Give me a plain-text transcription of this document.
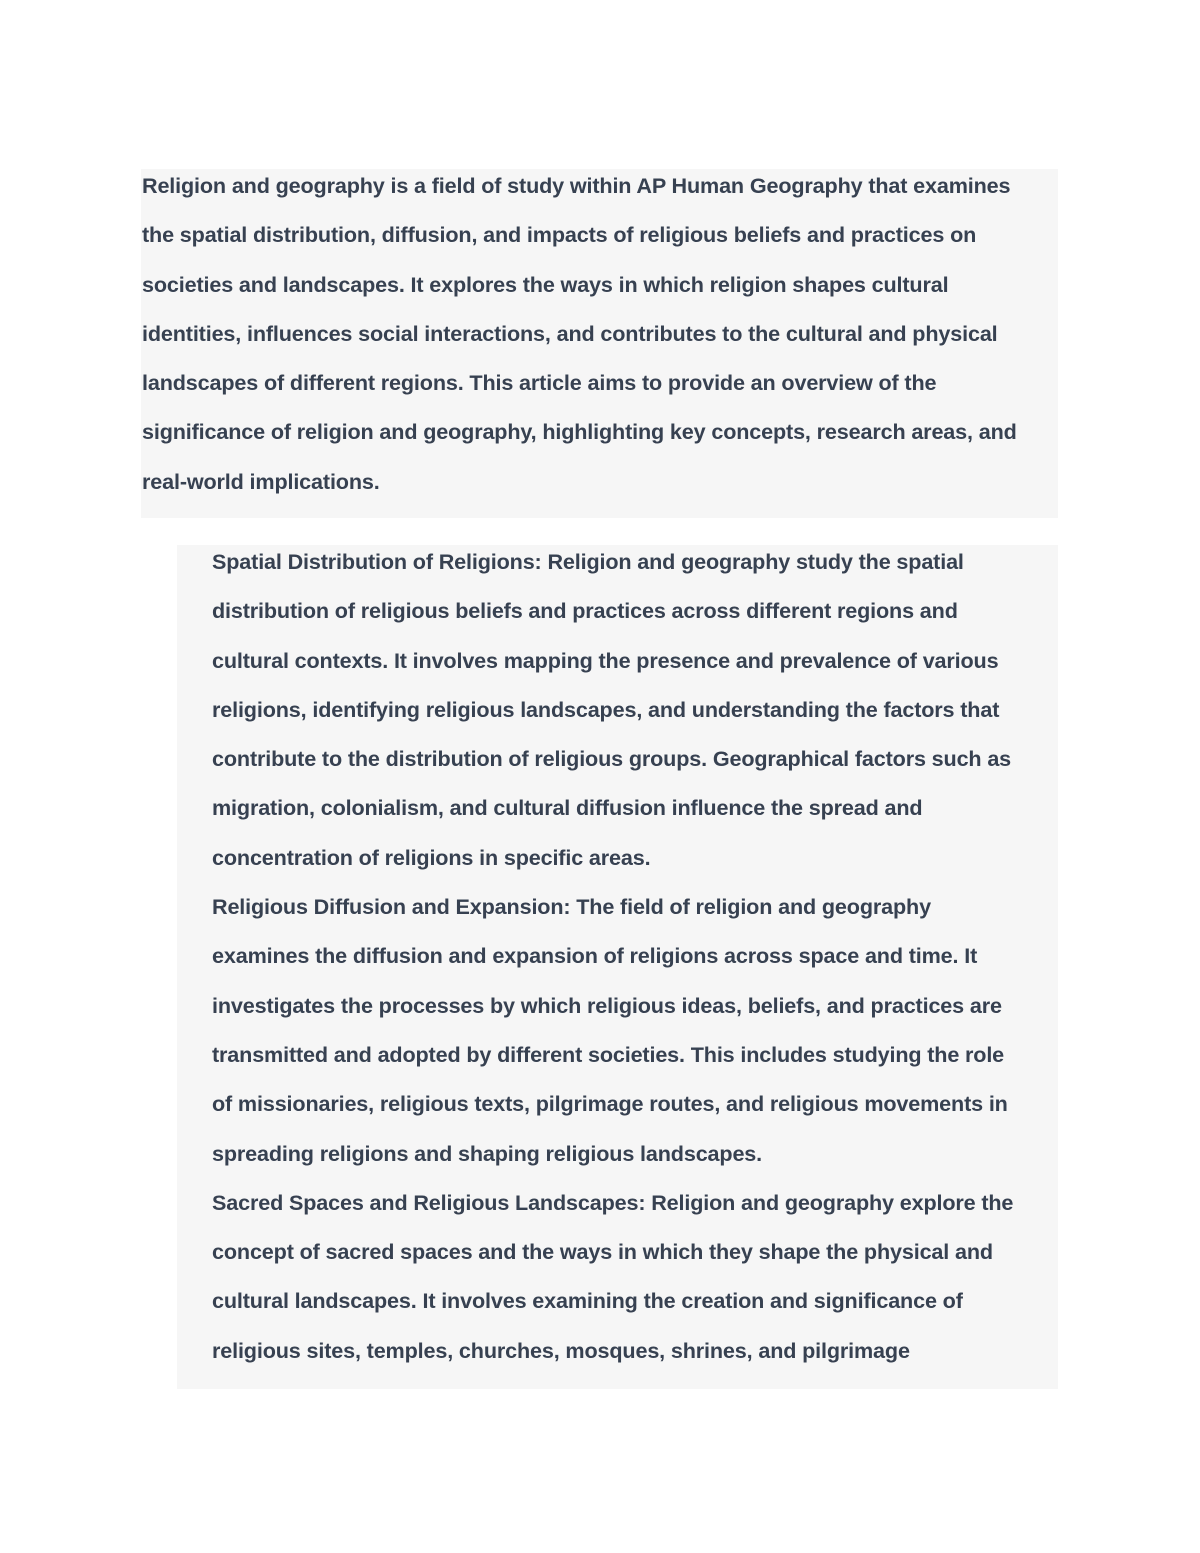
Religion and geography is a field of study within AP Human Geography that examines
the spatial distribution, diffusion, and impacts of religious beliefs and practices on
societies and landscapes. It explores the ways in which religion shapes cultural
identities, influences social interactions, and contributes to the cultural and physical
landscapes of different regions. This article aims to provide an overview of the
significance of religion and geography, highlighting key concepts, research areas, and
real-world implications.
Spatial Distribution of Religions: Religion and geography study the spatial
distribution of religious beliefs and practices across different regions and
cultural contexts. It involves mapping the presence and prevalence of various
religions, identifying religious landscapes, and understanding the factors that
contribute to the distribution of religious groups. Geographical factors such as
migration, colonialism, and cultural diffusion influence the spread and
concentration of religions in specific areas.
Religious Diffusion and Expansion: The field of religion and geography
examines the diffusion and expansion of religions across space and time. It
investigates the processes by which religious ideas, beliefs, and practices are
transmitted and adopted by different societies. This includes studying the role
of missionaries, religious texts, pilgrimage routes, and religious movements in
spreading religions and shaping religious landscapes.
Sacred Spaces and Religious Landscapes: Religion and geography explore the
concept of sacred spaces and the ways in which they shape the physical and
cultural landscapes. It involves examining the creation and significance of
religious sites, temples, churches, mosques, shrines, and pilgrimage
